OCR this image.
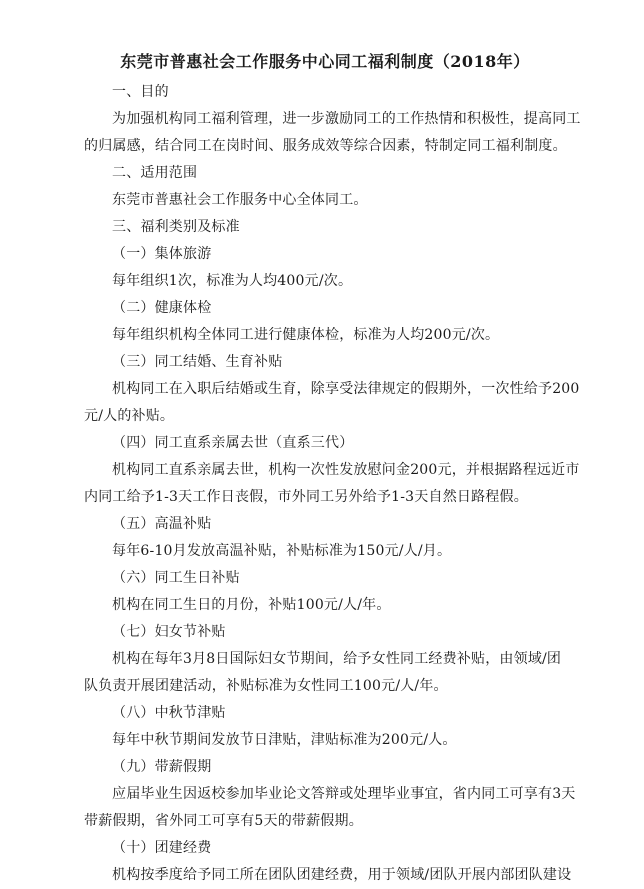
东莞市普惠社会工作服务中心同工福利制度（2018年）
一、目的
为加强机构同工福利管理，进一步激励同工的工作热情和积极性，提高同工
的归属感，结合同工在岗时间、服务成效等综合因素，特制定同工福利制度。
二、适用范围
东莞市普惠社会工作服务中心全体同工。
三、福利类别及标准
（一）集体旅游
每年组织1次，标准为人均400元/次。
（二）健康体检
每年组织机构全体同工进行健康体检，标准为人均200元/次。
（三）同工结婚、生育补贴
机构同工在入职后结婚或生育，除享受法律规定的假期外，一次性给予200
元/人的补贴。
（四）同工直系亲属去世（直系三代）
机构同工直系亲属去世，机构一次性发放慰问金200元，并根据路程远近市
内同工给予1-3天工作日丧假，市外同工另外给予1-3天自然日路程假。
（五）高温补贴
每年6-10月发放高温补贴，补贴标准为150元/人/月。
（六）同工生日补贴
机构在同工生日的月份，补贴100元/人/年。
（七）妇女节补贴
机构在每年3月8日国际妇女节期间，给予女性同工经费补贴，由领域/团
队负责开展团建活动，补贴标准为女性同工100元/人/年。
（八）中秋节津贴
每年中秋节期间发放节日津贴，津贴标准为200元/人。
（九）带薪假期
应届毕业生因返校参加毕业论文答辩或处理毕业事宜，省内同工可享有3天
带薪假期，省外同工可享有5天的带薪假期。
（十）团建经费
机构按季度给予同工所在团队团建经费，用于领域/团队开展内部团队建设
